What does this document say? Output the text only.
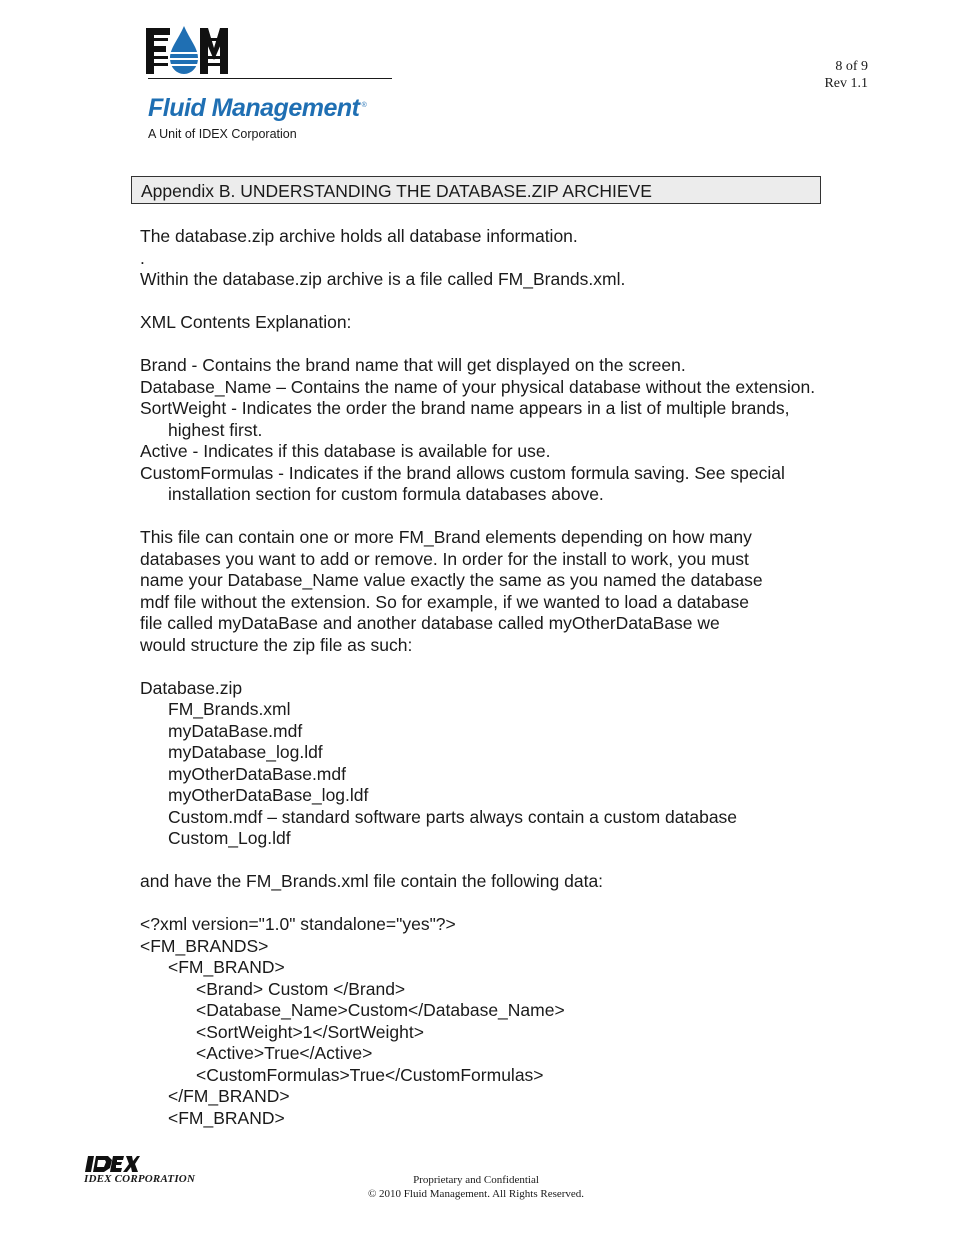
Fluid Management ®
A Unit of IDEX Corporation
8 of 9
Rev 1.1
Appendix B. UNDERSTANDING THE DATABASE.ZIP ARCHIEVE

The database.zip archive holds all database information.

.

Within the database.zip archive is a file called FM_Brands.xml.

XML Contents Explanation:

Brand - Contains the brand name that will get displayed on the screen.

Database_Name – Contains the name of your physical database without the extension.

SortWeight - Indicates the order the brand name appears in a list of multiple brands, highest first.

Active - Indicates if this database is available for use.

CustomFormulas - Indicates if the brand allows custom formula saving. See special installation section for custom formula databases above.

This file can contain one or more FM_Brand elements depending on how many

databases you want to add or remove. In order for the install to work, you must

name your Database_Name value exactly the same as you named the database

mdf file without the extension. So for example, if we wanted to load a database

file called myDataBase and another database called myOtherDataBase we

would structure the zip file as such:

Database.zip

FM_Brands.xml

myDataBase.mdf

myDatabase_log.ldf

myOtherDataBase.mdf

myOtherDataBase_log.ldf

Custom.mdf – standard software parts always contain a custom database

Custom_Log.ldf

and have the FM_Brands.xml file contain the following data:

<?xml version="1.0" standalone="yes"?>

<FM_BRANDS>

<FM_BRAND>

<Brand> Custom </Brand>

<Database_Name>Custom</Database_Name>

<SortWeight>1</SortWeight>

<Active>True</Active>

<CustomFormulas>True</CustomFormulas>

</FM_BRAND>

<FM_BRAND>

IDEX CORPORATION	Proprietary and Confidential
© 2010 Fluid Management. All Rights Reserved.
